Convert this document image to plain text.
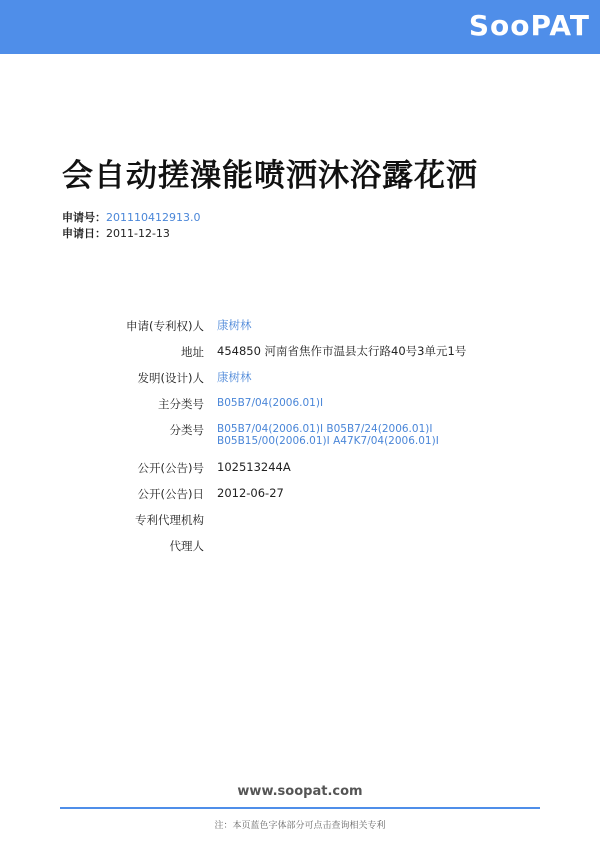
SooPAT
会自动搓澡能喷洒沐浴露花洒
申请号：201110412913.0
申请日：2011-12-13
申请(专利权)人 康树林
地址 454850 河南省焦作市温县太行路40号3单元1号
发明(设计)人 康树林
主分类号 B05B7/04(2006.01)I
分类号 B05B7/04(2006.01)I B05B7/24(2006.01)I
B05B15/00(2006.01)I A47K7/04(2006.01)I
公开(公告)号 102513244A
公开(公告)日 2012-06-27
专利代理机构
代理人
www.soopat.com
注：本页蓝色字体部分可点击查询相关专利
